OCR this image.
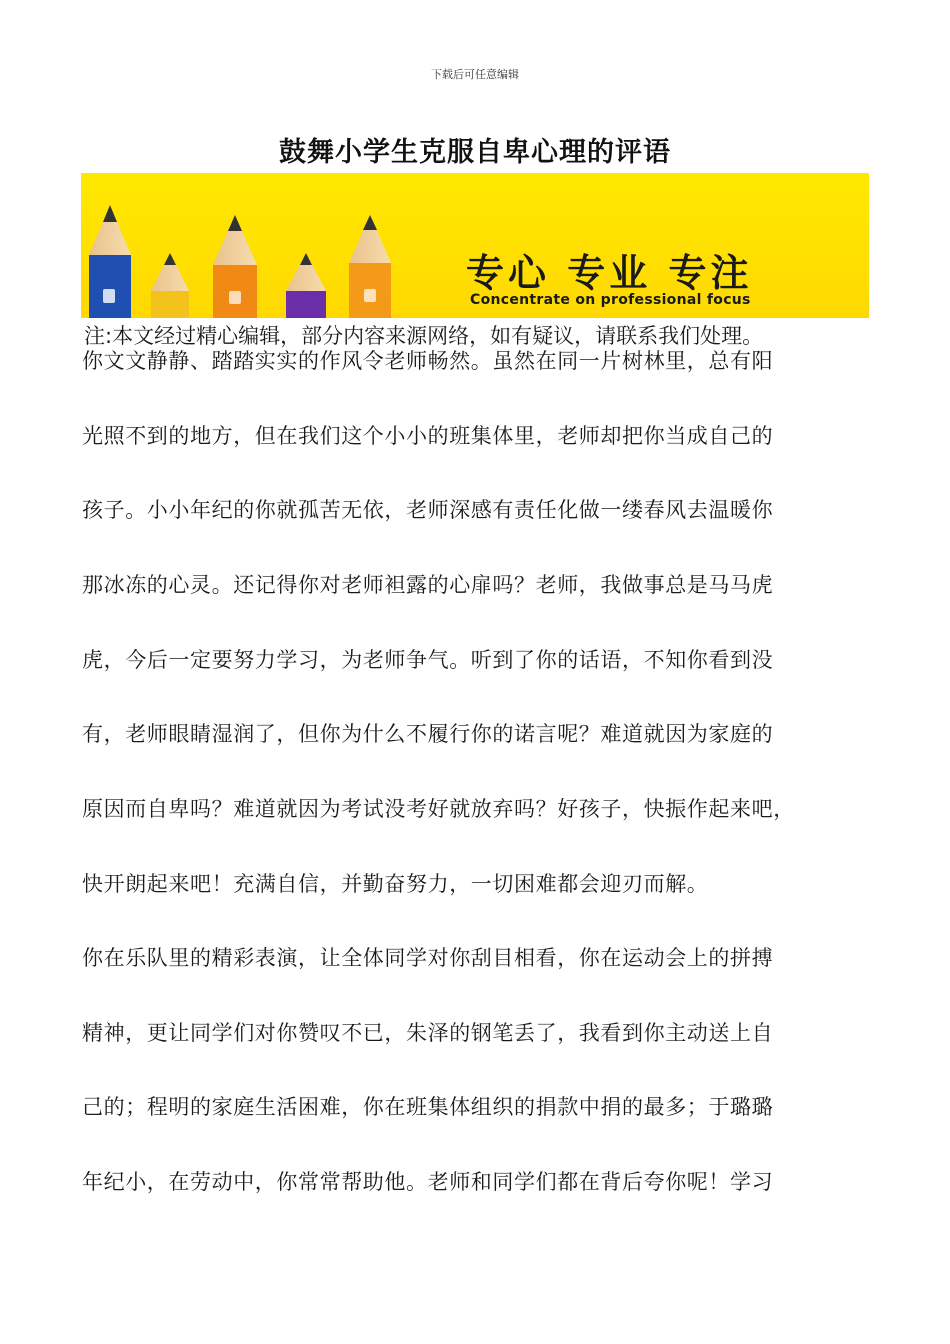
下载后可任意编辑
鼓舞小学生克服自卑心理的评语
专心 专业 专注
Concentrate on professional focus
注:本文经过精心编辑，部分内容来源网络，如有疑议，请联系我们处理。
你文文静静、踏踏实实的作风令老师畅然。虽然在同一片树林里，总有阳
光照不到的地方，但在我们这个小小的班集体里，老师却把你当成自己的
孩子。小小年纪的你就孤苦无依，老师深感有责任化做一缕春风去温暖你
那冰冻的心灵。还记得你对老师袒露的心扉吗？老师，我做事总是马马虎
虎，今后一定要努力学习，为老师争气。听到了你的话语，不知你看到没
有，老师眼睛湿润了，但你为什么不履行你的诺言呢？难道就因为家庭的
原因而自卑吗？难道就因为考试没考好就放弃吗？好孩子，快振作起来吧，
快开朗起来吧！充满自信，并勤奋努力，一切困难都会迎刃而解。
你在乐队里的精彩表演，让全体同学对你刮目相看，你在运动会上的拼搏
精神，更让同学们对你赞叹不已，朱泽的钢笔丢了，我看到你主动送上自
己的；程明的家庭生活困难，你在班集体组织的捐款中捐的最多；于璐璐
年纪小，在劳动中，你常常帮助他。老师和同学们都在背后夸你呢！学习
